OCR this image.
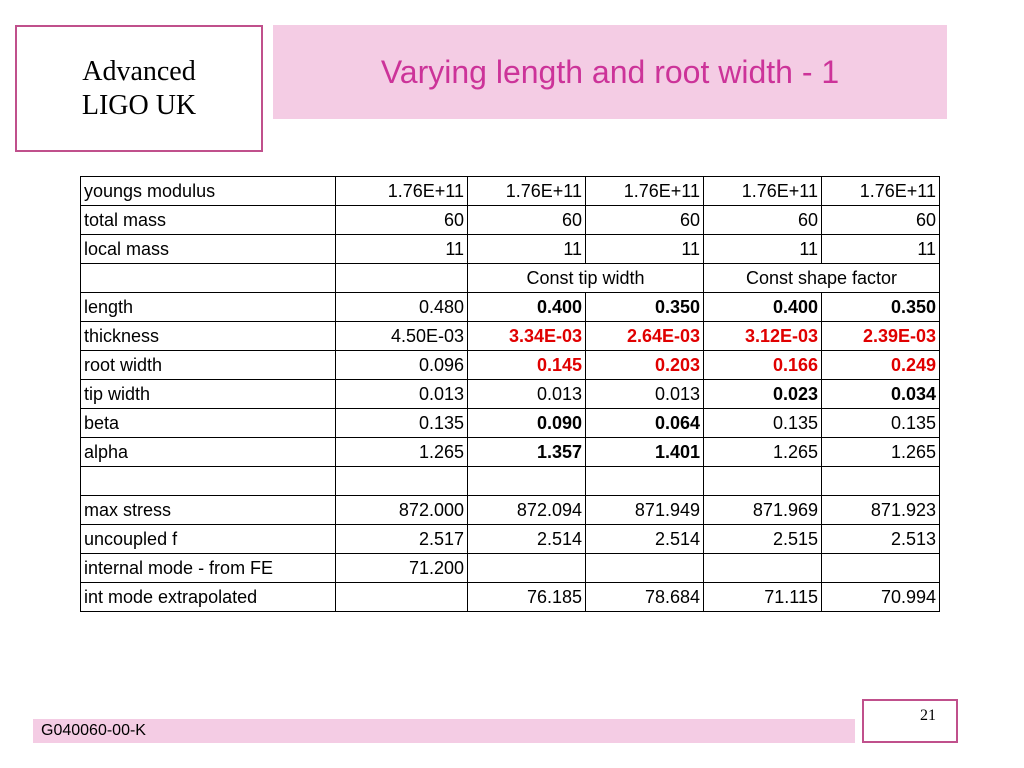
Advanced
LIGO UK
Varying length and root width - 1
youngs modulus	1.76E+11	1.76E+11	1.76E+11	1.76E+11	1.76E+11
total mass	60	60	60	60	60
local mass	11	11	11	11	11
		Const tip width		Const shape factor	
length	0.480	0.400	0.350	0.400	0.350
thickness	4.50E-03	3.34E-03	2.64E-03	3.12E-03	2.39E-03
root width	0.096	0.145	0.203	0.166	0.249
tip width	0.013	0.013	0.013	0.023	0.034
beta	0.135	0.090	0.064	0.135	0.135
alpha	1.265	1.357	1.401	1.265	1.265

max stress	872.000	872.094	871.949	871.969	871.923
uncoupled f	2.517	2.514	2.514	2.515	2.513
internal mode - from FE	71.200				
int mode extrapolated		76.185	78.684	71.115	70.994
G040060-00-K
21
